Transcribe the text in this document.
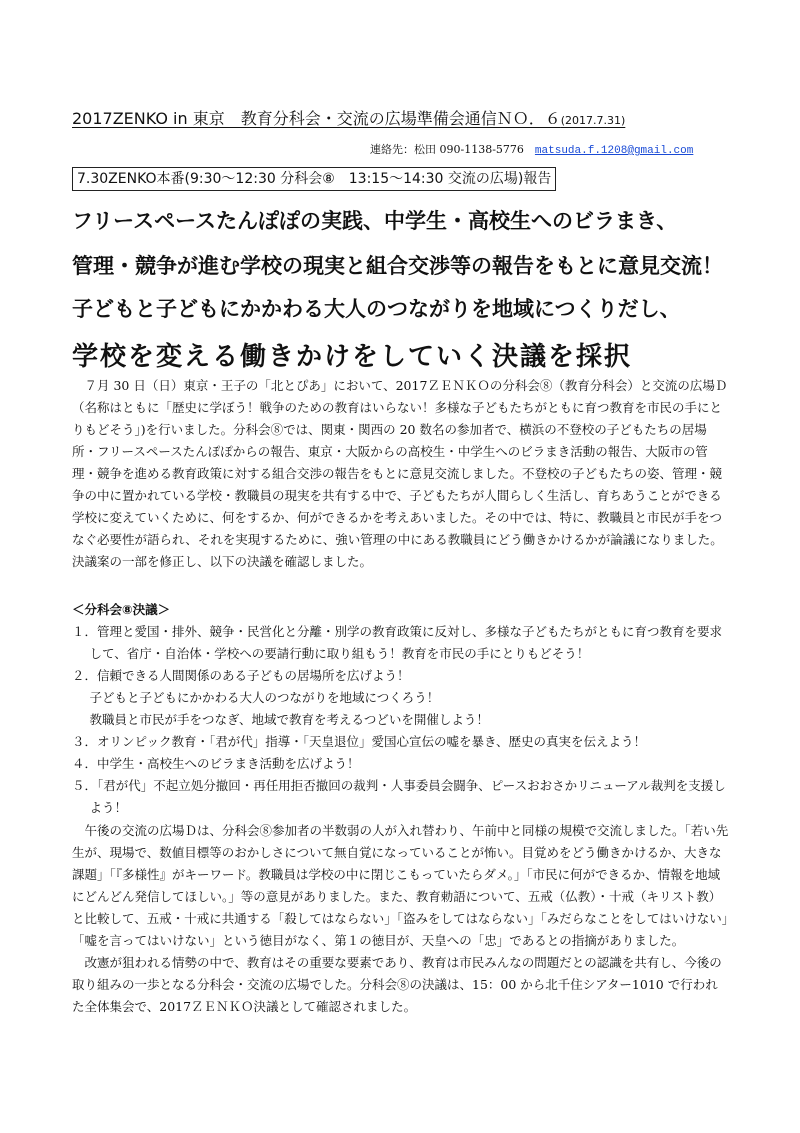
2017ZENKO in 東京　教育分科会・交流の広場準備会通信ＮＯ．６(2017.7.31)
連絡先：松田 090-1138-5776　 matsuda.f.1208@gmail.com
7.30ZENKO本番(9:30～12:30 分科会⑧　13:15～14:30 交流の広場)報告
フリースペースたんぽぽの実践、中学生・高校生へのビラまき、
管理・競争が進む学校の現実と組合交渉等の報告をもとに意見交流！
子どもと子どもにかかわる大人のつながりを地域につくりだし、
学校を変える働きかけをしていく決議を採択

７月 30 日（日）東京・王子の「北とぴあ」において、2017ＺＥＮＫＯの分科会⑧（教育分科会）と交流の広場Ｄ（名称はともに「歴史に学ぼう！戦争のための教育はいらない！多様な子どもたちがともに育つ教育を市民の手にとりもどそう」)を行いました。分科会⑧では、関東・関西の 20 数名の参加者で、横浜の不登校の子どもたちの居場所・フリースペースたんぽぽからの報告、東京・大阪からの高校生・中学生へのビラまき活動の報告、大阪市の管理・競争を進める教育政策に対する組合交渉の報告をもとに意見交流しました。不登校の子どもたちの姿、管理・競争の中に置かれている学校・教職員の現実を共有する中で、子どもたちが人間らしく生活し、育ちあうことができる学校に変えていくために、何をするか、何ができるかを考えあいました。その中では、特に、教職員と市民が手をつなぐ必要性が語られ、それを実現するために、強い管理の中にある教職員にどう働きかけるかが論議になりました。決議案の一部を修正し、以下の決議を確認しました。

＜分科会⑧決議＞
１．管理と愛国・排外、競争・民営化と分離・別学の教育政策に反対し、多様な子どもたちがともに育つ教育を要求して、省庁・自治体・学校への要請行動に取り組もう！教育を市民の手にとりもどそう！
２．信頼できる人間関係のある子どもの居場所を広げよう！
子どもと子どもにかかわる大人のつながりを地域につくろう！
教職員と市民が手をつなぎ、地域で教育を考えるつどいを開催しよう！
３．オリンピック教育・「君が代」指導・「天皇退位」愛国心宣伝の嘘を暴き、歴史の真実を伝えよう！
４．中学生・高校生へのビラまき活動を広げよう！
５．「君が代」不起立処分撤回・再任用拒否撤回の裁判・人事委員会闘争、ピースおおさかリニューアル裁判を支援しよう！

午後の交流の広場Ｄは、分科会⑧参加者の半数弱の人が入れ替わり、午前中と同様の規模で交流しました。「若い先生が、現場で、数値目標等のおかしさについて無自覚になっていることが怖い。目覚めをどう働きかけるか、大きな課題」「『多様性』がキーワード。教職員は学校の中に閉じこもっていたらダメ。」「市民に何ができるか、情報を地域にどんどん発信してほしい。」等の意見がありました。また、教育勅語について、五戒（仏教）・十戒（キリスト教）と比較して、五戒・十戒に共通する「殺してはならない」「盗みをしてはならない」「みだらなことをしてはいけない」「嘘を言ってはいけない」という徳目がなく、第１の徳目が、天皇への「忠」であるとの指摘がありました。

改憲が狙われる情勢の中で、教育はその重要な要素であり、教育は市民みんなの問題だとの認識を共有し、今後の取り組みの一歩となる分科会・交流の広場でした。分科会⑧の決議は、15：00 から北千住シアター1010 で行われた全体集会で、2017ＺＥＮＫＯ決議として確認されました。
